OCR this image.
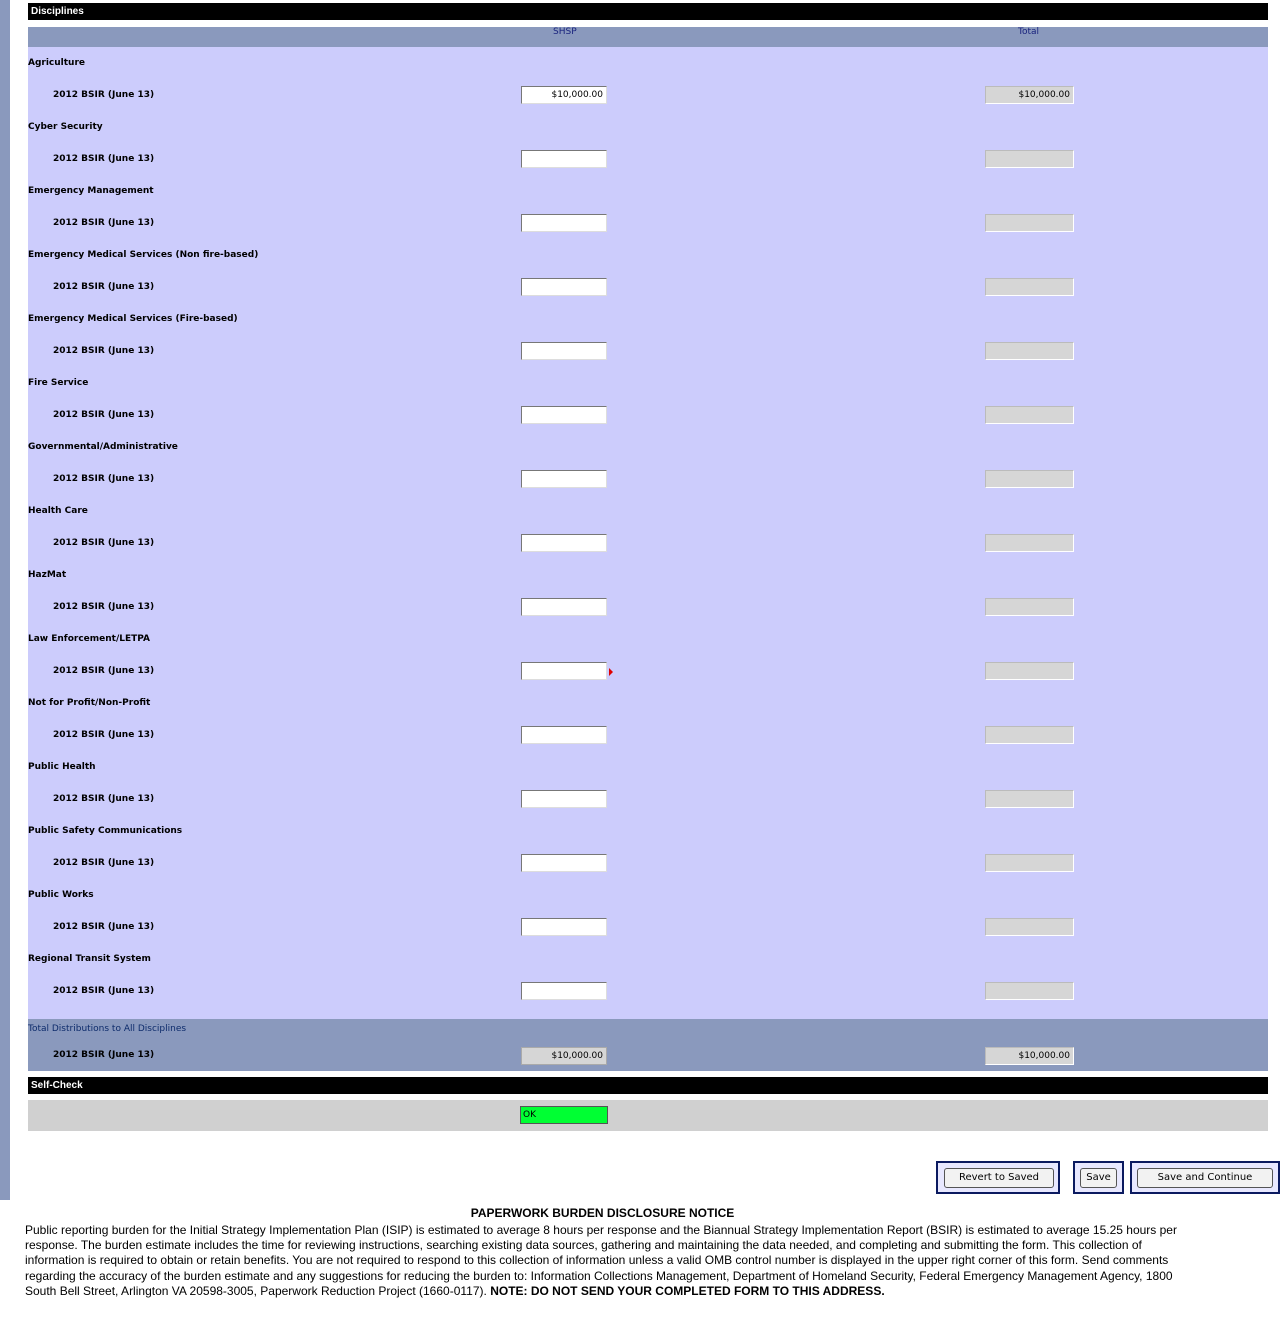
Disciplines
SHSP	Total
Agriculture
2012 BSIR (June 13)	$10,000.00	$10,000.00
Cyber Security
2012 BSIR (June 13)
Emergency Management
2012 BSIR (June 13)
Emergency Medical Services (Non fire-based)
2012 BSIR (June 13)
Emergency Medical Services (Fire-based)
2012 BSIR (June 13)
Fire Service
2012 BSIR (June 13)
Governmental/Administrative
2012 BSIR (June 13)
Health Care
2012 BSIR (June 13)
HazMat
2012 BSIR (June 13)
Law Enforcement/LETPA
2012 BSIR (June 13)
Not for Profit/Non-Profit
2012 BSIR (June 13)
Public Health
2012 BSIR (June 13)
Public Safety Communications
2012 BSIR (June 13)
Public Works
2012 BSIR (June 13)
Regional Transit System
2012 BSIR (June 13)
Total Distributions to All Disciplines
2012 BSIR (June 13)	$10,000.00	$10,000.00
Self-Check
OK
Revert to Saved	Save	Save and Continue
PAPERWORK BURDEN DISCLOSURE NOTICE
Public reporting burden for the Initial Strategy Implementation Plan (ISIP) is estimated to average 8 hours per response and the Biannual Strategy Implementation Report (BSIR) is estimated to average 15.25 hours per response. The burden estimate includes the time for reviewing instructions, searching existing data sources, gathering and maintaining the data needed, and completing and submitting the form. This collection of information is required to obtain or retain benefits. You are not required to respond to this collection of information unless a valid OMB control number is displayed in the upper right corner of this form. Send comments regarding the accuracy of the burden estimate and any suggestions for reducing the burden to: Information Collections Management, Department of Homeland Security, Federal Emergency Management Agency, 1800 South Bell Street, Arlington VA 20598-3005, Paperwork Reduction Project (1660-0117). NOTE: DO NOT SEND YOUR COMPLETED FORM TO THIS ADDRESS.
